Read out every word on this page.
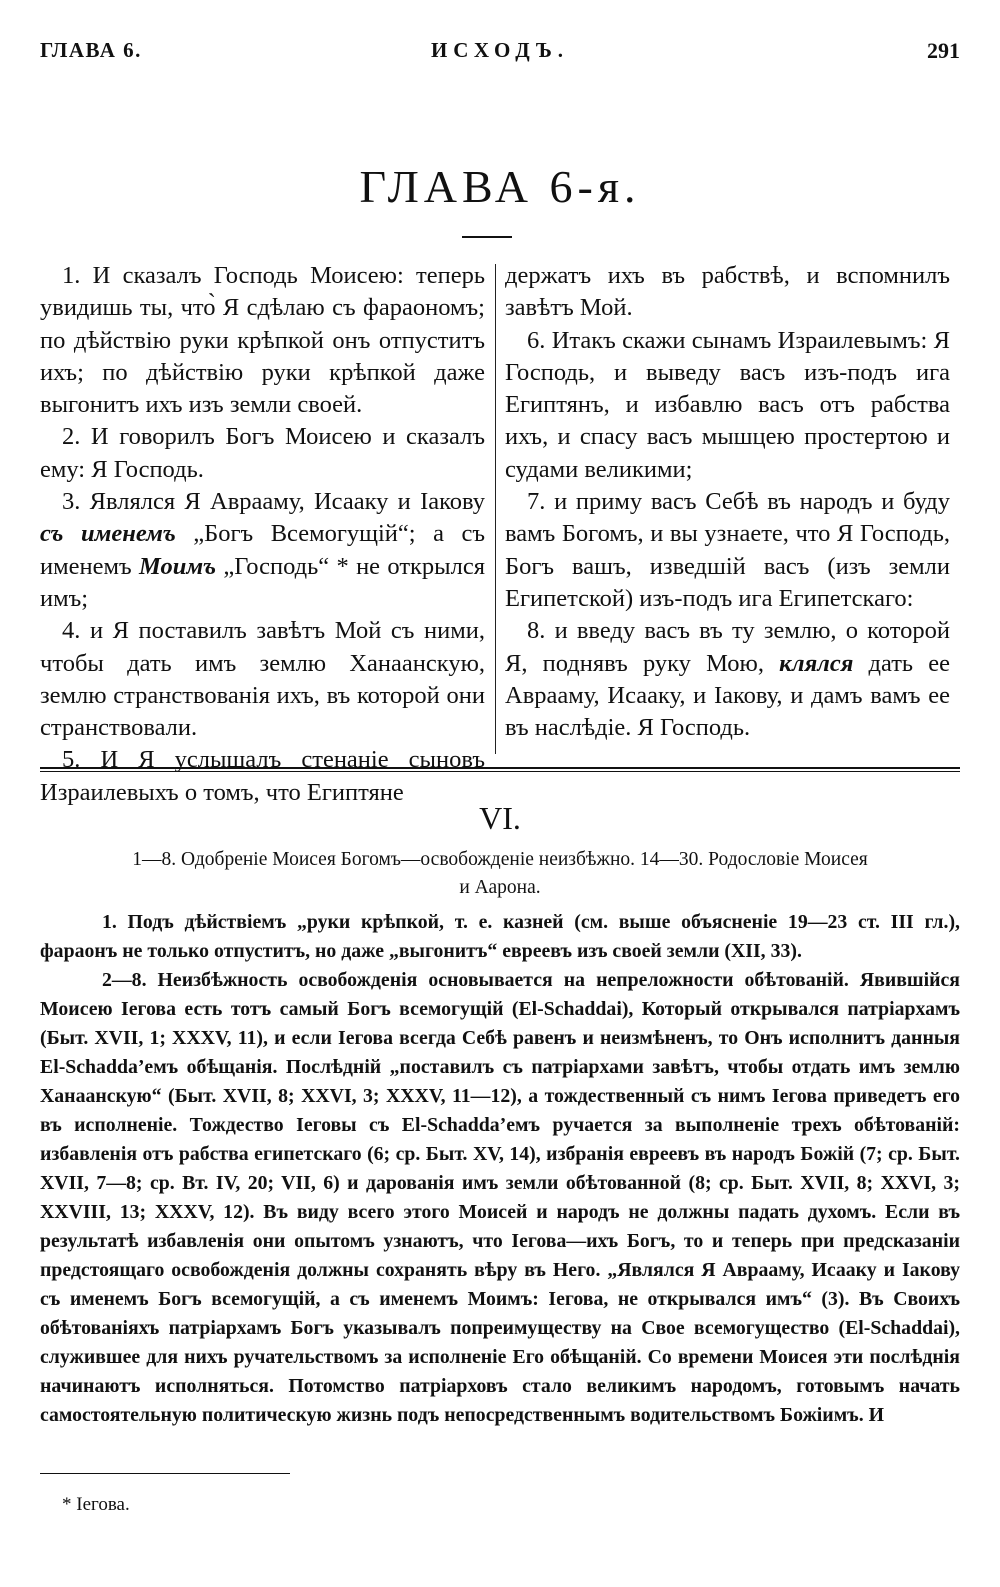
ГЛАВА 6.	ИСХОДЪ.	291
ГЛАВА 6-я.

1. И сказалъ Господь Моисею: теперь увидишь ты, что̀ Я сдѣлаю съ фараономъ; по дѣйствію руки крѣпкой онъ отпуститъ ихъ; по дѣйствію руки крѣпкой даже выгонитъ ихъ изъ земли своей.

2. И говорилъ Богъ Моисею и сказалъ ему: Я Господь.

3. Являлся Я Аврааму, Исааку и Іакову съ именемъ „Богъ Всемогущій“; а съ именемъ Моимъ „Господь“ * не открылся имъ;

4. и Я поставилъ завѣтъ Мой съ ними, чтобы дать имъ землю Ханаанскую, землю странствованія ихъ, въ которой они странствовали.

5. И Я услышалъ стенаніе сыновъ Израилевыхъ о томъ, что Египтяне

держатъ ихъ въ рабствѣ, и вспомнилъ завѣтъ Мой.

6. Итакъ скажи сынамъ Израилевымъ: Я Господь, и выведу васъ изъ-подъ ига Египтянъ, и избавлю васъ отъ рабства ихъ, и спасу васъ мышцею простертою и судами великими;

7. и приму васъ Себѣ въ народъ и буду вамъ Богомъ, и вы узнаете, что Я Господь, Богъ вашъ, изведшій васъ (изъ земли Египетской) изъ-подъ ига Египетскаго:

8. и введу васъ въ ту землю, о которой Я, поднявъ руку Мою, клялся дать ее Аврааму, Исааку, и Іакову, и дамъ вамъ ее въ наслѣдіе. Я Господь.

VI.
1—8. Одобреніе Моисея Богомъ—освобожденіе неизбѣжно. 14—30. Родословіе Моисея
и Аарона.

1. Подъ дѣйствіемъ „руки крѣпкой, т. е. казней (см. выше объясненіе 19—23 ст. III гл.), фараонъ не только отпуститъ, но даже „выгонитъ“ евреевъ изъ своей земли (XII, 33).

2—8. Неизбѣжность освобожденія основывается на непреложности обѣтованій. Явившійся Моисею Іегова есть тотъ самый Богъ всемогущій (El-Schaddai), Который открывался патріархамъ (Быт. XVII, 1; XXXV, 11), и если Іегова всегда Себѣ равенъ и неизмѣненъ, то Онъ исполнитъ данныя El-Schadda’емъ обѣщанія. Послѣдній „поставилъ съ патріархами завѣтъ, чтобы отдать имъ землю Ханаанскую“ (Быт. XVII, 8; XXVI, 3; XXXV, 11—12), а тождественный съ нимъ Іегова приведетъ его въ исполненіе. Тождество Іеговы съ El-Schadda’емъ ручается за выполненіе трехъ обѣтованій: избавленія отъ рабства египетскаго (6; ср. Быт. XV, 14), избранія евреевъ въ народъ Божій (7; ср. Быт. XVII, 7—8; ср. Вт. IV, 20; VII, 6) и дарованія имъ земли обѣтованной (8; ср. Быт. XVII, 8; XXVI, 3; XXVIII, 13; XXXV, 12). Въ виду всего этого Моисей и народъ не должны падать духомъ. Если въ результатѣ избавленія они опытомъ узнаютъ, что Іегова—ихъ Богъ, то и теперь при предсказаніи предстоящаго освобожденія должны сохранять вѣру въ Него. „Являлся Я Аврааму, Исааку и Іакову съ именемъ Богъ всемогущій, а съ именемъ Моимъ: Іегова, не открывался имъ“ (3). Въ Своихъ обѣтованіяхъ патріархамъ Богъ указывалъ попреимуществу на Свое всемогущество (El-Schaddai), служившее для нихъ ручательствомъ за исполненіе Его обѣщаній. Со времени Моисея эти послѣднія начинаютъ исполняться. Потомство патріарховъ стало великимъ народомъ, готовымъ начать самостоятельную политическую жизнь подъ непосредственнымъ водительствомъ Божіимъ. И

* Іегова.
